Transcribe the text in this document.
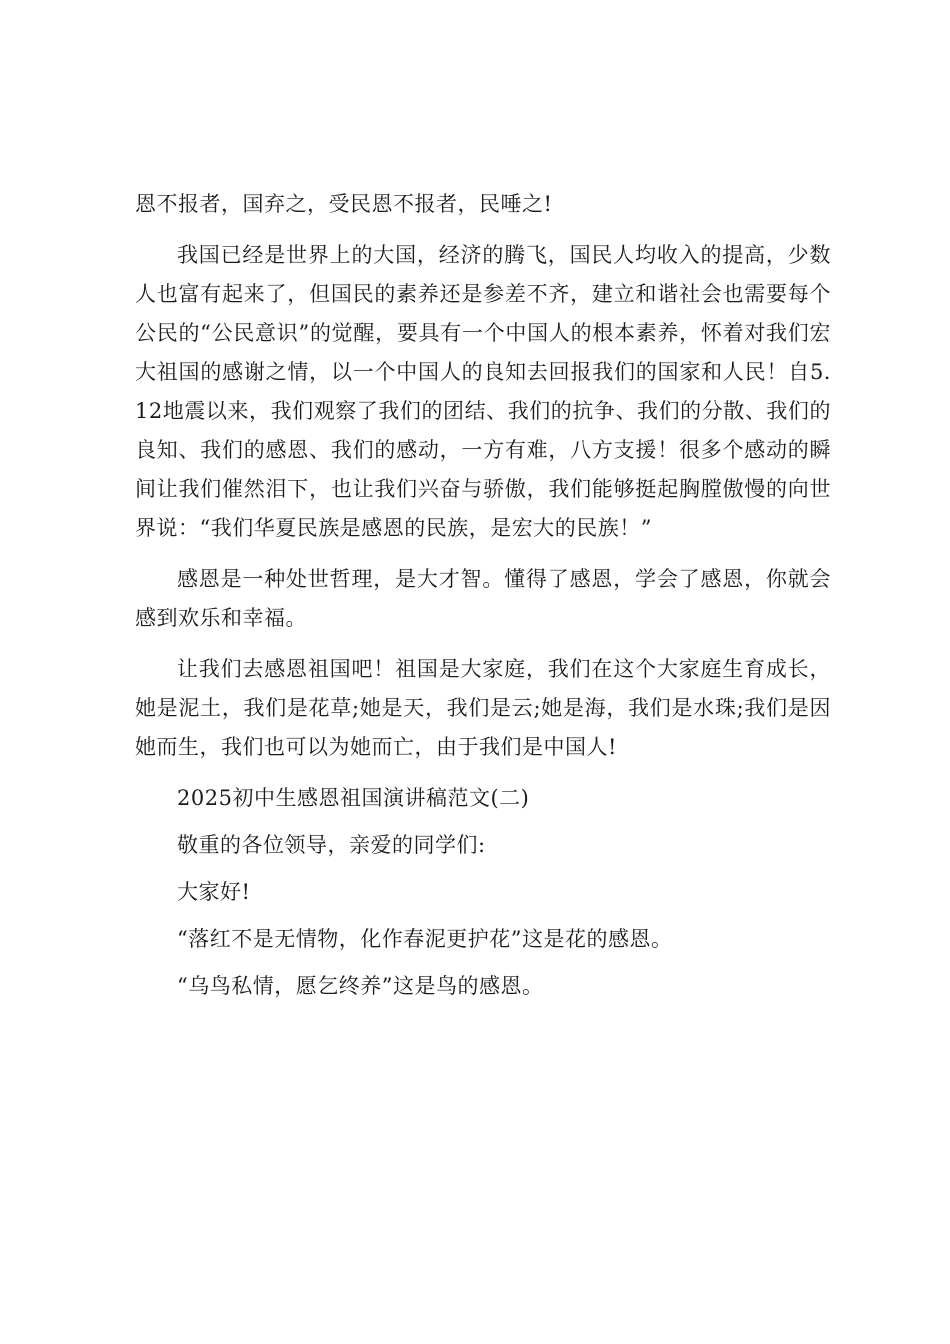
恩不报者，国弃之，受民恩不报者，民唾之!

我国已经是世界上的大国，经济的腾飞，国民人均收入的提高，少数人也富有起来了，但国民的素养还是参差不齐，建立和谐社会也需要每个公民的“公民意识”的觉醒，要具有一个中国人的根本素养，怀着对我们宏大祖国的感谢之情，以一个中国人的良知去回报我们的国家和人民！自5.12地震以来，我们观察了我们的团结、我们的抗争、我们的分散、我们的良知、我们的感恩、我们的感动，一方有难，八方支援！很多个感动的瞬间让我们催然泪下，也让我们兴奋与骄傲，我们能够挺起胸膛傲慢的向世界说：“我们华夏民族是感恩的民族，是宏大的民族！”

感恩是一种处世哲理，是大才智。懂得了感恩，学会了感恩，你就会感到欢乐和幸福。

让我们去感恩祖国吧！祖国是大家庭，我们在这个大家庭生育成长，她是泥土，我们是花草;她是天，我们是云;她是海，我们是水珠;我们是因她而生，我们也可以为她而亡，由于我们是中国人!

2025初中生感恩祖国演讲稿范文(二)

敬重的各位领导，亲爱的同学们:

大家好!

“落红不是无情物，化作春泥更护花”这是花的感恩。

“乌鸟私情，愿乞终养”这是鸟的感恩。
